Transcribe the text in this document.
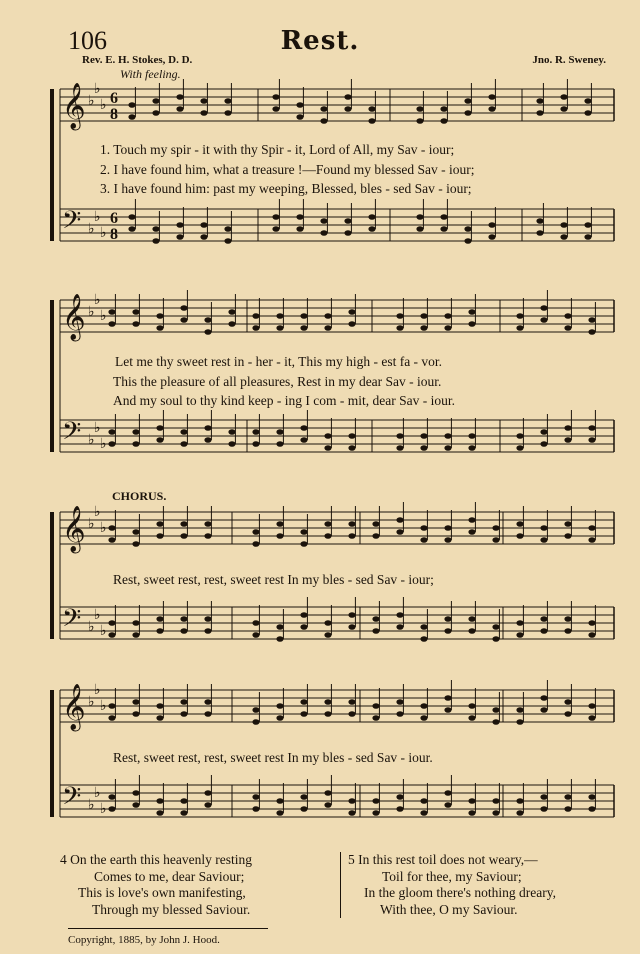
𝄞 ♭
♭
♭
𝄢 ♭
♭
♭
6
8
6
8
𝄞 ♭
♭
♭
𝄢 ♭
♭
♭
𝄞 ♭
♭
♭
𝄢 ♭
♭
♭
𝄞 ♭
♭
♭
𝄢 ♭
♭
♭
106	Rest.
Rev. E. H. Stokes, D. D.	Jno. R. Sweney.
With feeling.
1. Touch my spir - it with thy Spir - it, Lord of All, my Sav - iour;
2. I have found him, what a treasure !—Found my blessed Sav - iour;
3. I have found him: past my weeping, Blessed, bles - sed Sav - iour;
Let me thy sweet rest in - her - it, This my high - est fa - vor.
This the pleasure of all pleasures, Rest in my dear Sav - iour.
And my soul to thy kind keep - ing I com - mit, dear Sav - iour.
CHORUS.
Rest, sweet rest, rest, sweet rest In my bles - sed Sav - iour;
Rest, sweet rest, rest, sweet rest In my bles - sed Sav - iour.
4 On the earth this heavenly resting
Comes to me, dear Saviour;
This is love's own manifesting,
Through my blessed Saviour.
5 In this rest toil does not weary,—
Toil for thee, my Saviour;
In the gloom there's nothing dreary,
With thee, O my Saviour.
Copyright, 1885, by John J. Hood.
